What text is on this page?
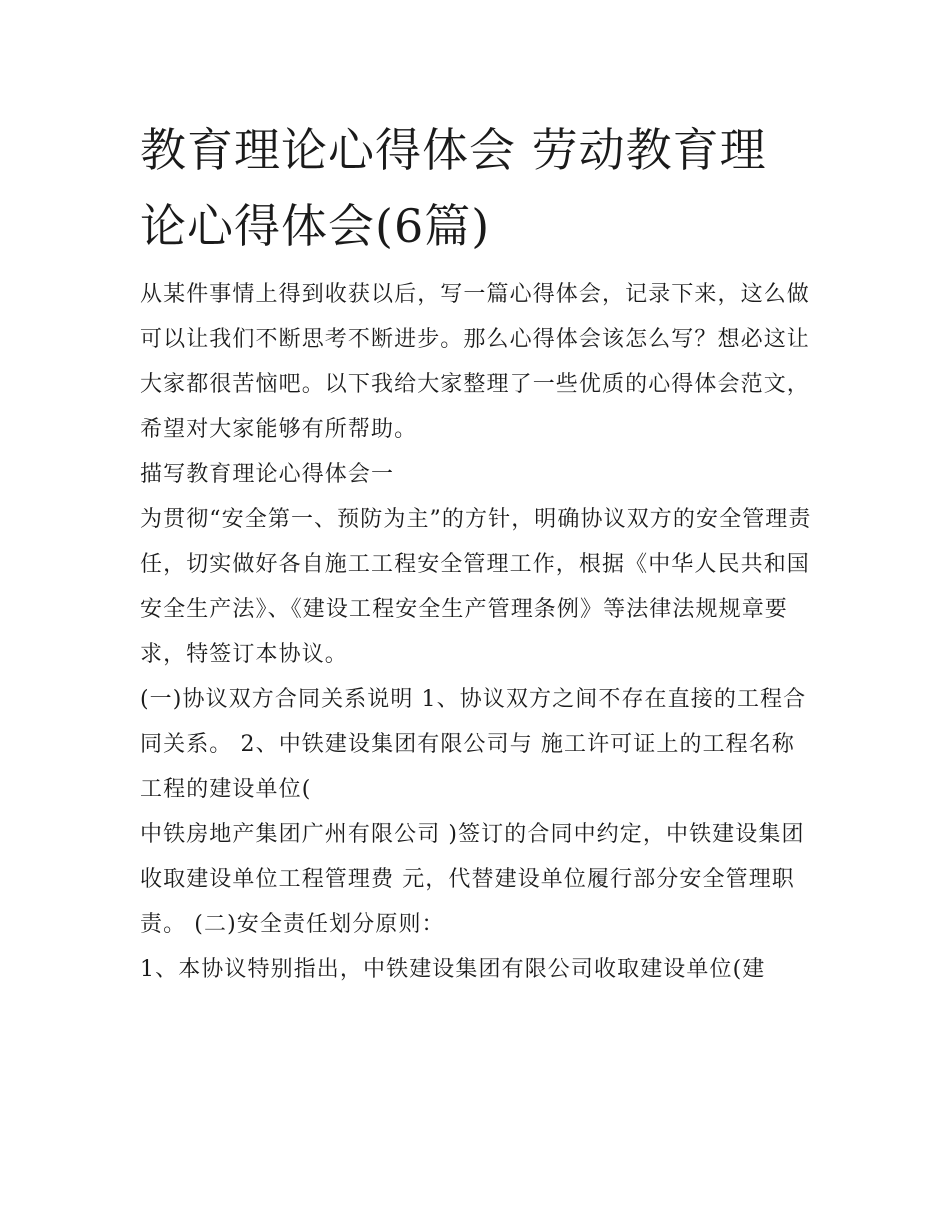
教育理论心得体会 劳动教育理论心得体会(6篇)

从某件事情上得到收获以后，写一篇心得体会，记录下来，这么做可以让我们不断思考不断进步。那么心得体会该怎么写？想必这让大家都很苦恼吧。以下我给大家整理了一些优质的心得体会范文，希望对大家能够有所帮助。

描写教育理论心得体会一

为贯彻“安全第一、预防为主”的方针，明确协议双方的安全管理责任，切实做好各自施工工程安全管理工作，根据《中华人民共和国安全生产法》、《建设工程安全生产管理条例》等法律法规规章要求，特签订本协议。

(一)协议双方合同关系说明 1、协议双方之间不存在直接的工程合同关系。 2、中铁建设集团有限公司与 施工许可证上的工程名称 工程的建设单位(

中铁房地产集团广州有限公司 )签订的合同中约定，中铁建设集团收取建设单位工程管理费 元，代替建设单位履行部分安全管理职责。 (二)安全责任划分原则：

1、本协议特别指出，中铁建设集团有限公司收取建设单位(建
